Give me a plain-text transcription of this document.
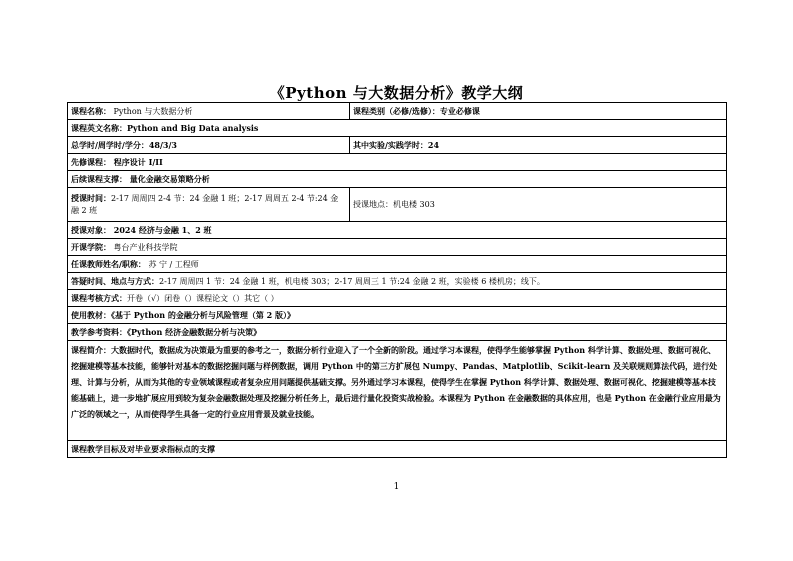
《Python 与大数据分析》教学大纲
课程名称： Python 与大数据分析	课程类别（必修/选修）：专业必修课
课程英文名称：Python and Big Data analysis	
总学时/周学时/学分：48/3/3	其中实验/实践学时：24
先修课程： 程序设计 I/II	
后续课程支撑： 量化金融交易策略分析	
授课时间：2-17 周周四 2-4 节：24 金融 1 班；2-17 周周五 2-4 节:24 金融 2 班	授课地点：机电楼 303
授课对象： 2024 经济与金融 1、2 班	
开课学院： 粤台产业科技学院	
任课教师姓名/职称： 苏 宁 / 工程师	
答疑时间、地点与方式：2-17 周周四 1 节：24 金融 1 班，机电楼 303；2-17 周周三 1 节:24 金融 2 班，实验楼 6 楼机房；线下。	
课程考核方式：开卷（√）闭卷（）课程论文（）其它（ ）	
使用教材：《基于 Python 的金融分析与风险管理（第 2 版）》	
教学参考资料：《Python 经济金融数据分析与决策》	
课程简介：大数据时代，数据成为决策最为重要的参考之一，数据分析行业迎入了一个全新的阶段。通过学习本课程，使得学生能够掌握 Python 科学计算、数据处理、数据可视化、挖掘建模等基本技能，能够针对基本的数据挖掘问题与样例数据，调用 Python 中的第三方扩展包 Numpy、Pandas、Matplotlib、Scikit-learn 及关联规则算法代码，进行处理、计算与分析，从而为其他的专业领域课程或者复杂应用问题提供基础支撑。另外通过学习本课程，使得学生在掌握 Python 科学计算、数据处理、数据可视化、挖掘建模等基本技能基础上，进一步地扩展应用到较为复杂金融数据处理及挖掘分析任务上，最后进行量化投资实战检验。本课程为 Python 在金融数据的具体应用，也是 Python 在金融行业应用最为广泛的领域之一，从而使得学生具备一定的行业应用背景及就业技能。	
课程教学目标及对毕业要求指标点的支撑	
1
